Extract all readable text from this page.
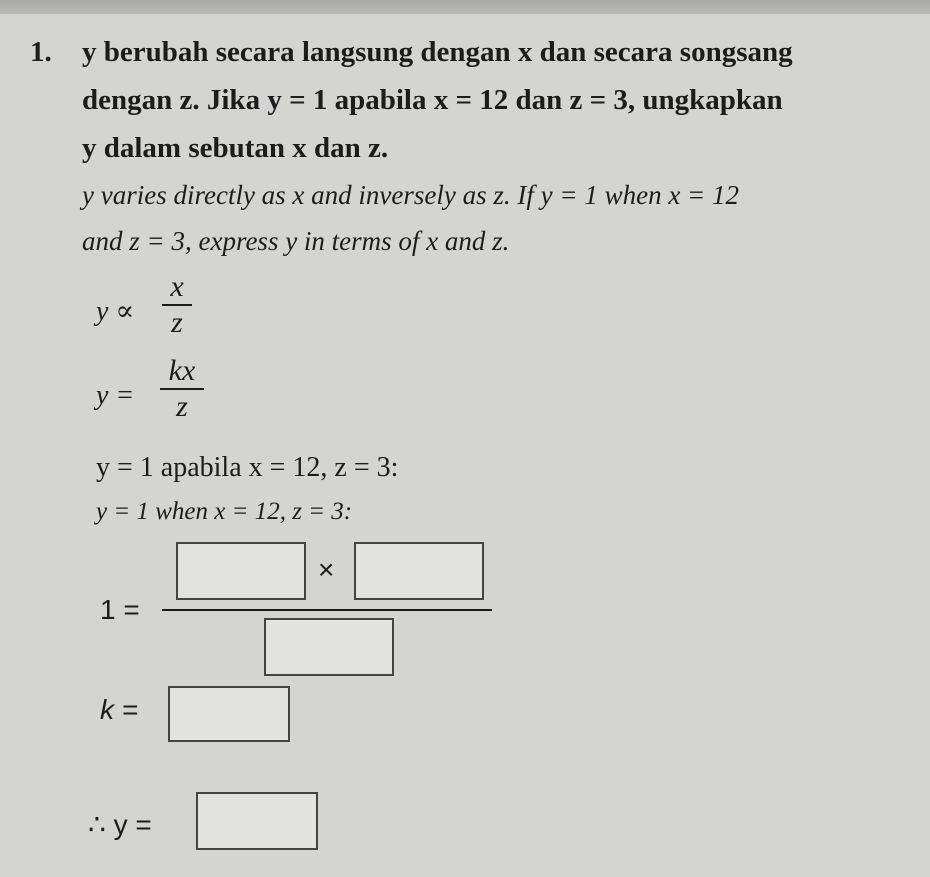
1. y berubah secara langsung dengan x dan secara songsang
dengan z. Jika y = 1 apabila x = 12 dan z = 3, ungkapkan
y dalam sebutan x dan z.
y varies directly as x and inversely as z. If y = 1 when x = 12
and z = 3, express y in terms of x and z.
y ∝
x
z
y =
kx
z
y = 1 apabila x = 12, z = 3:
y = 1 when x = 12, z = 3:
1 =
×
k =
∴ y =
